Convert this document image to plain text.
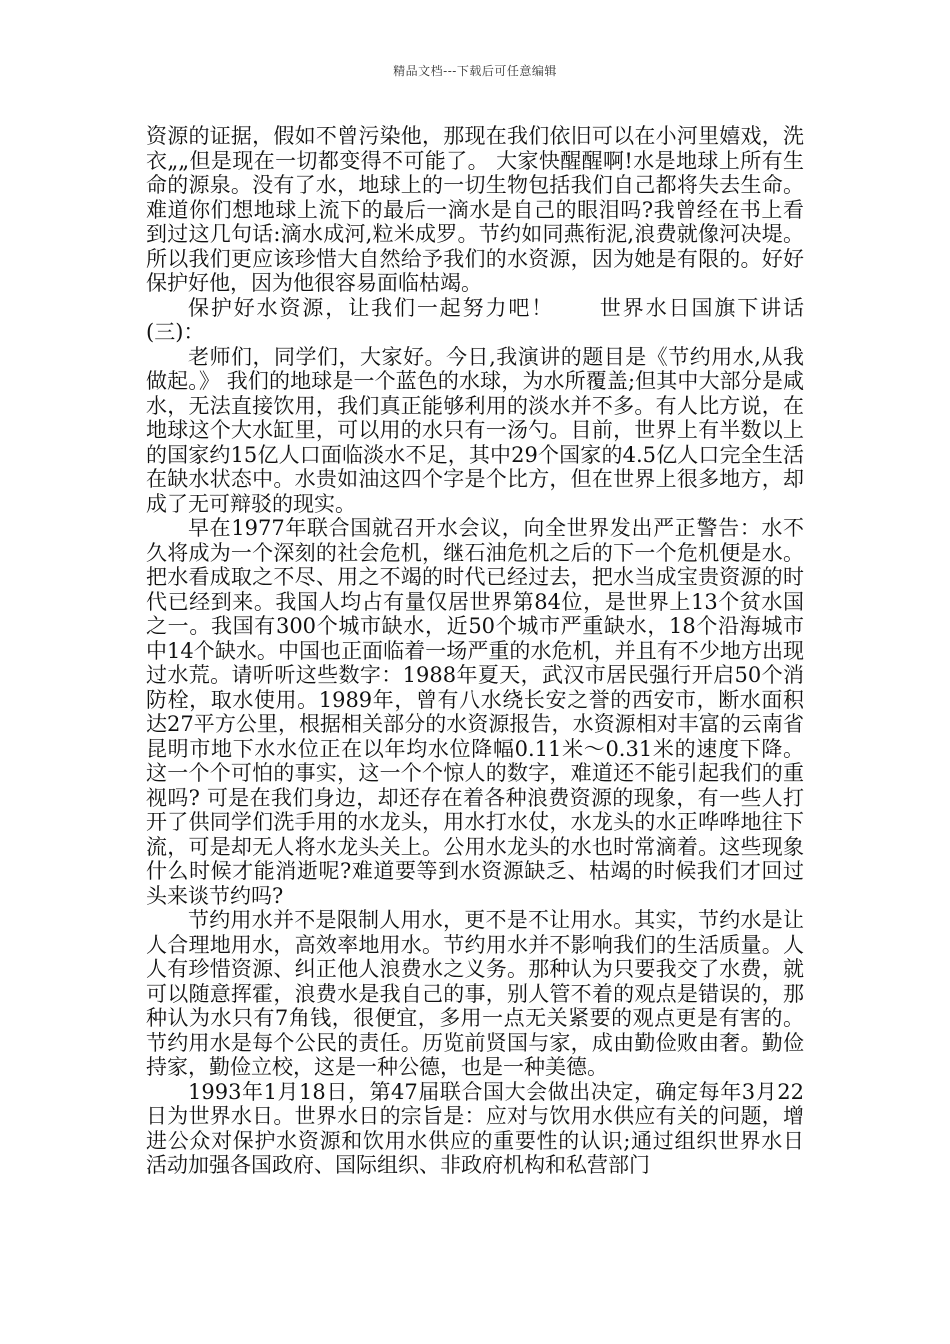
精品文档---下载后可任意编辑

资源的证据，假如不曾污染他，那现在我们依旧可以在小河里嬉戏，洗衣„„但是现在一切都变得不可能了。 大家快醒醒啊!水是地球上所有生命的源泉。没有了水，地球上的一切生物包括我们自己都将失去生命。难道你们想地球上流下的最后一滴水是自己的眼泪吗?我曾经在书上看到过这几句话:滴水成河,粒米成罗。节约如同燕衔泥,浪费就像河决堤。所以我们更应该珍惜大自然给予我们的水资源，因为她是有限的。好好保护好他，因为他很容易面临枯竭。

保护好水资源，让我们一起努力吧！　　世界水日国旗下讲话(三)：

老师们，同学们，大家好。今日,我演讲的题目是《节约用水,从我做起。》 我们的地球是一个蓝色的水球，为水所覆盖;但其中大部分是咸水，无法直接饮用，我们真正能够利用的淡水并不多。有人比方说，在地球这个大水缸里，可以用的水只有一汤勺。目前，世界上有半数以上的国家约15亿人口面临淡水不足，其中29个国家的4.5亿人口完全生活在缺水状态中。水贵如油这四个字是个比方，但在世界上很多地方，却成了无可辩驳的现实。

早在1977年联合国就召开水会议，向全世界发出严正警告：水不久将成为一个深刻的社会危机，继石油危机之后的下一个危机便是水。把水看成取之不尽、用之不竭的时代已经过去，把水当成宝贵资源的时代已经到来。我国人均占有量仅居世界第84位，是世界上13个贫水国之一。我国有300个城市缺水，近50个城市严重缺水，18个沿海城市中14个缺水。中国也正面临着一场严重的水危机，并且有不少地方出现过水荒。请听听这些数字：1988年夏天，武汉市居民强行开启50个消防栓，取水使用。1989年，曾有八水绕长安之誉的西安市，断水面积达27平方公里，根据相关部分的水资源报告，水资源相对丰富的云南省昆明市地下水水位正在以年均水位降幅0.11米～0.31米的速度下降。这一个个可怕的事实，这一个个惊人的数字，难道还不能引起我们的重视吗? 可是在我们身边，却还存在着各种浪费资源的现象，有一些人打开了供同学们洗手用的水龙头，用水打水仗，水龙头的水正哗哗地往下流，可是却无人将水龙头关上。公用水龙头的水也时常滴着。这些现象什么时候才能消逝呢?难道要等到水资源缺乏、枯竭的时候我们才回过头来谈节约吗?

节约用水并不是限制人用水，更不是不让用水。其实，节约水是让人合理地用水，高效率地用水。节约用水并不影响我们的生活质量。人人有珍惜资源、纠正他人浪费水之义务。那种认为只要我交了水费，就可以随意挥霍，浪费水是我自己的事，别人管不着的观点是错误的，那种认为水只有7角钱，很便宜，多用一点无关紧要的观点更是有害的。节约用水是每个公民的责任。历览前贤国与家，成由勤俭败由奢。勤俭持家，勤俭立校，这是一种公德，也是一种美德。

1993年1月18日，第47届联合国大会做出决定，确定每年3月22日为世界水日。世界水日的宗旨是：应对与饮用水供应有关的问题，增进公众对保护水资源和饮用水供应的重要性的认识;通过组织世界水日活动加强各国政府、国际组织、非政府机构和私营部门
